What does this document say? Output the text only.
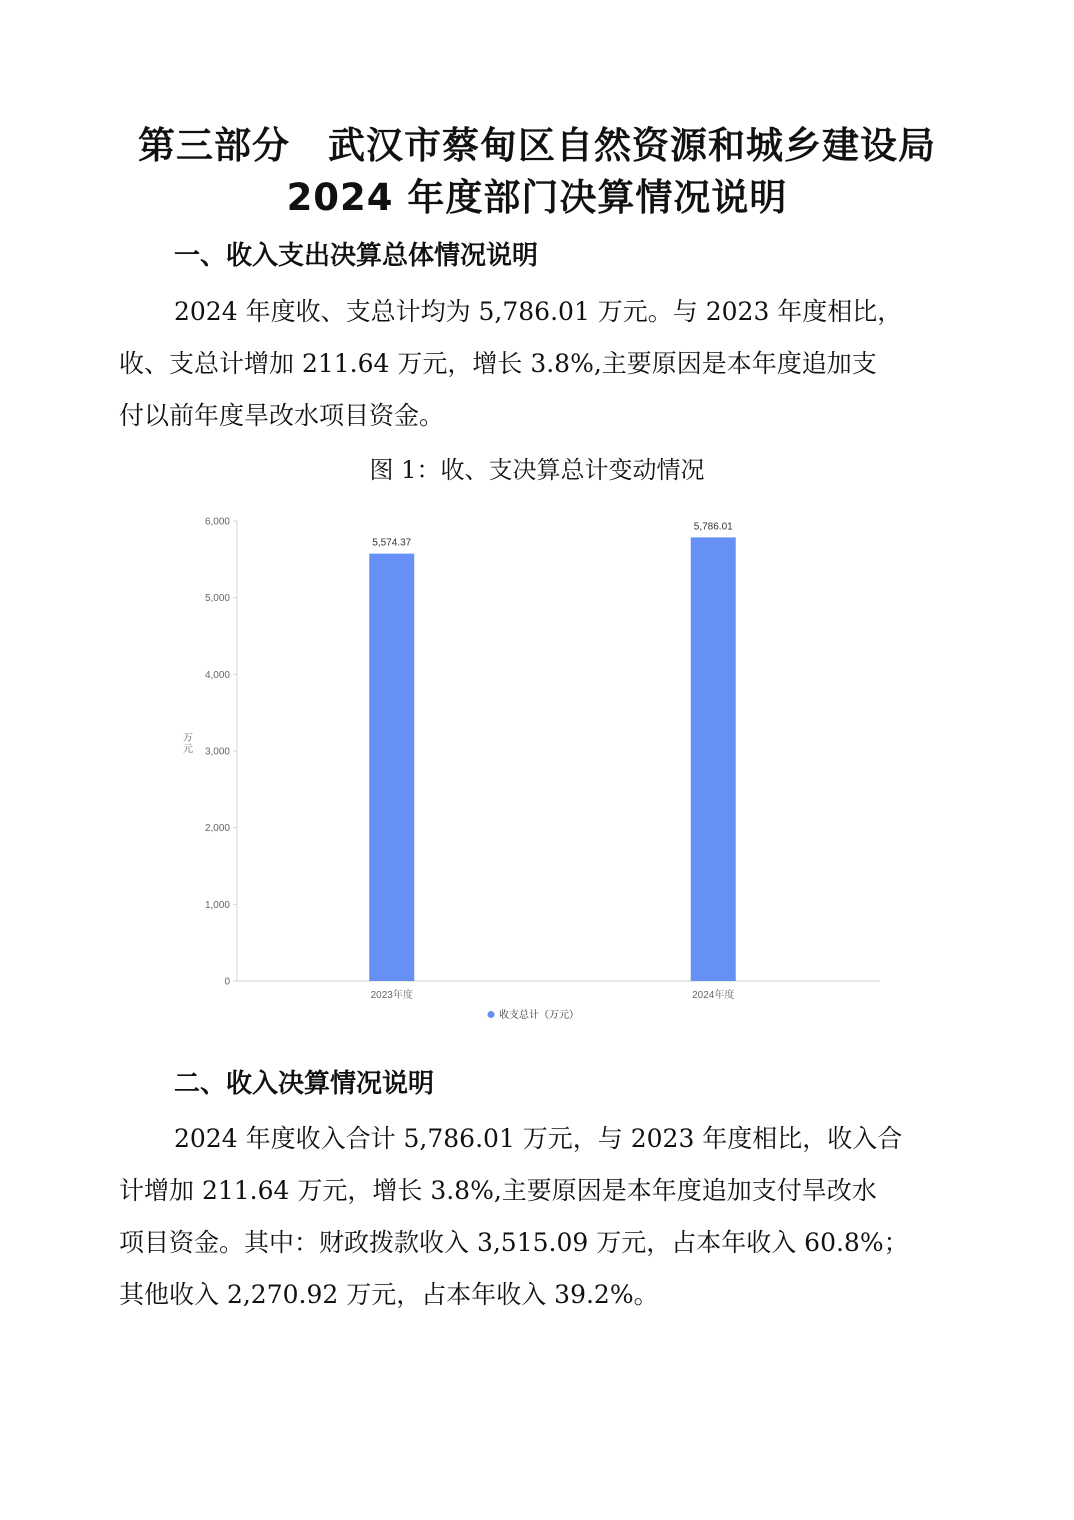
第三部分　武汉市蔡甸区自然资源和城乡建设局
2024 年度部门决算情况说明
一、收入支出决算总体情况说明
2024 年度收、支总计均为 5,786.01 万元。与 2023 年度相比，
收、支总计增加 211.64 万元，增长 3.8%,主要原因是本年度追加支
付以前年度旱改水项目资金。
图 1：收、支决算总计变动情况
0
1,000
2,000
3,000
4,000
5,000
6,000
万元
5,574.37
2023年度
5,786.01
2024年度
收支总计（万元）
二、收入决算情况说明
2024 年度收入合计 5,786.01 万元，与 2023 年度相比，收入合
计增加 211.64 万元，增长 3.8%,主要原因是本年度追加支付旱改水
项目资金。其中：财政拨款收入 3,515.09 万元，占本年收入 60.8%；
其他收入 2,270.92 万元，占本年收入 39.2%。
